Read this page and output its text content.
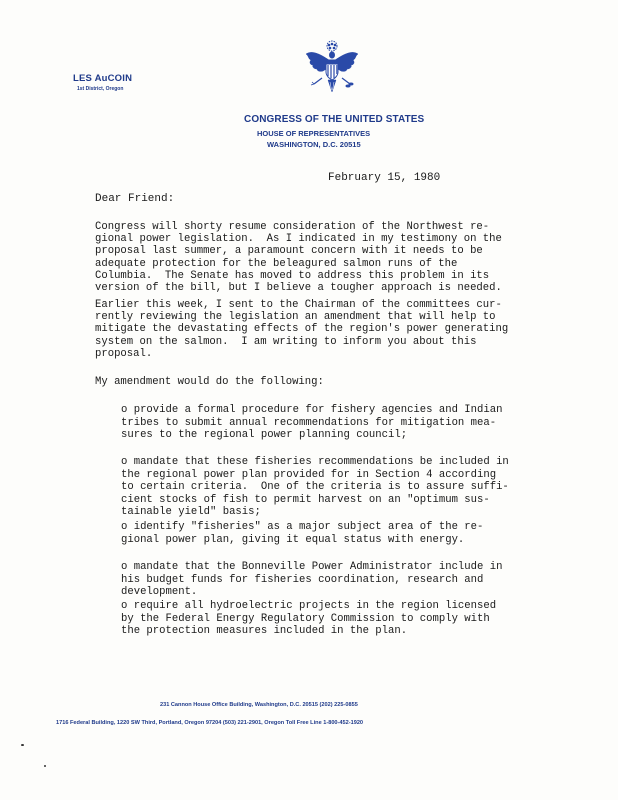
LES AuCOIN
1st District, Oregon
CONGRESS OF THE UNITED STATES
HOUSE OF REPRESENTATIVES
WASHINGTON, D.C. 20515
February 15, 1980
Dear Friend:
Congress will shorty resume consideration of the Northwest re-
gional power legislation.  As I indicated in my testimony on the
proposal last summer, a paramount concern with it needs to be
adequate protection for the beleagured salmon runs of the
Columbia.  The Senate has moved to address this problem in its
version of the bill, but I believe a tougher approach is needed.
Earlier this week, I sent to the Chairman of the committees cur-
rently reviewing the legislation an amendment that will help to
mitigate the devastating effects of the region's power generating
system on the salmon.  I am writing to inform you about this
proposal.
My amendment would do the following:
o provide a formal procedure for fishery agencies and Indian
tribes to submit annual recommendations for mitigation mea-
sures to the regional power planning council;
o mandate that these fisheries recommendations be included in
the regional power plan provided for in Section 4 according
to certain criteria.  One of the criteria is to assure suffi-
cient stocks of fish to permit harvest on an "optimum sus-
tainable yield" basis;
o identify "fisheries" as a major subject area of the re-
gional power plan, giving it equal status with energy.
o mandate that the Bonneville Power Administrator include in
his budget funds for fisheries coordination, research and
development.
o require all hydroelectric projects in the region licensed
by the Federal Energy Regulatory Commission to comply with
the protection measures included in the plan.
231 Cannon House Office Building, Washington, D.C. 20515 (202) 225-0855
1716 Federal Building, 1220 SW Third, Portland, Oregon 97204 (503) 221-2901, Oregon Toll Free Line 1-800-452-1920
